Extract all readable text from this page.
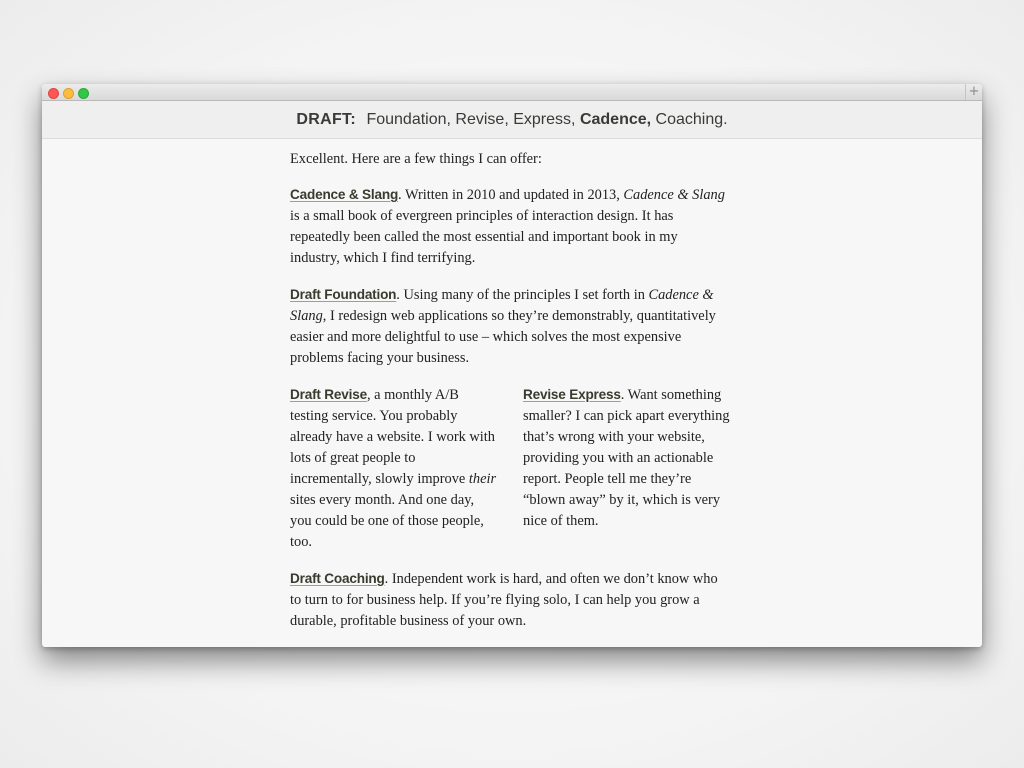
+
DRAFT: Foundation, Revise, Express, Cadence, Coaching.

Excellent. Here are a few things I can offer:

Cadence & Slang. Written in 2010 and updated in 2013, Cadence & Slang is a small book of evergreen principles of interaction design. It has repeatedly been called the most essential and important book in my industry, which I find terrifying.

Draft Foundation. Using many of the principles I set forth in Cadence & Slang, I redesign web applications so they’re demonstrably, quantitatively easier and more delightful to use – which solves the most expensive problems facing your business.

Draft Revise, a monthly A/B testing service. You probably already have a website. I work with lots of great people to incrementally, slowly improve their sites every month. And one day, you could be one of those people, too.

Revise Express. Want something smaller? I can pick apart everything that’s wrong with your website, providing you with an actionable report. People tell me they’re “blown away” by it, which is very nice of them.

Draft Coaching. Independent work is hard, and often we don’t know who to turn to for business help. If you’re flying solo, I can help you grow a durable, profitable business of your own.
